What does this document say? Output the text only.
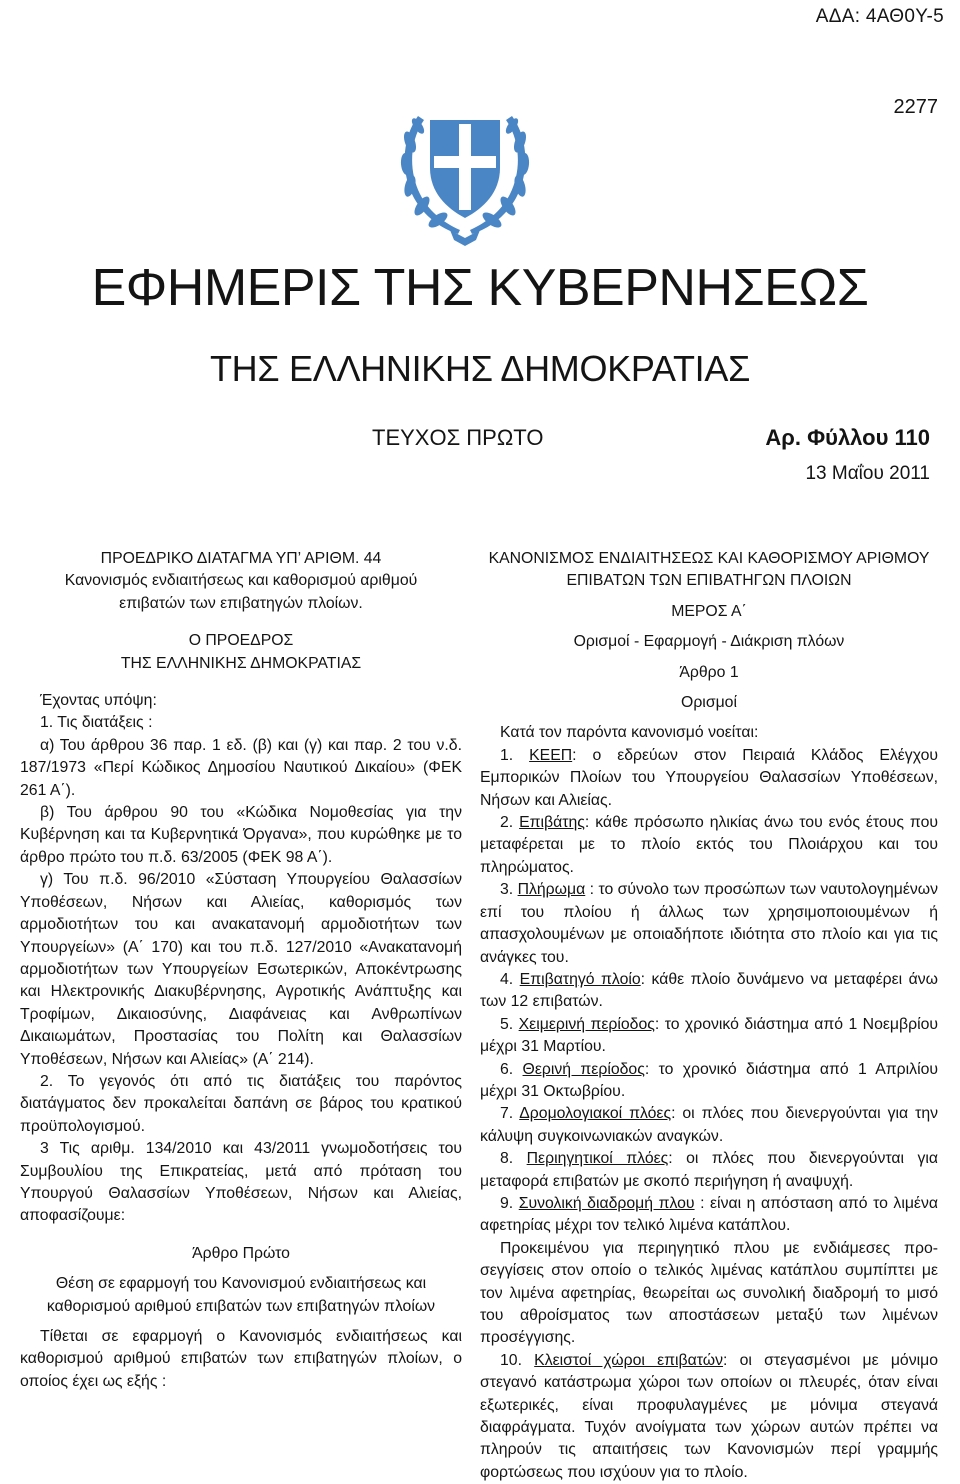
ΑΔΑ: 4ΑΘ0Υ-5
2277
ΕΦΗΜΕΡΙΣ ΤΗΣ ΚΥΒΕΡΝΗΣΕΩΣ
ΤΗΣ ΕΛΛΗΝΙΚΗΣ ΔΗΜΟΚΡΑΤΙΑΣ
ΤΕΥΧΟΣ ΠΡΩΤΟ	Αρ. Φύλλου 110
13 Μαΐου 2011

ΠΡΟΕΔΡΙΚΟ ΔΙΑΤΑΓΜΑ ΥΠ’ ΑΡΙΘΜ. 44

Κανονισμός ενδιαιτήσεως και καθορισμού αριθμού επιβατών των επιβατηγών πλοίων.

Ο ΠΡΟΕΔΡΟΣ

ΤΗΣ ΕΛΛΗΝΙΚΗΣ ΔΗΜΟΚΡΑΤΙΑΣ

Έχοντας υπόψη:

1. Τις διατάξεις :

α) Του άρθρου 36 παρ. 1 εδ. (β) και (γ) και παρ. 2 του ν.δ. 187/1973 «Περί Κώδικος Δημοσίου Ναυτικού Δικαίου» (ΦΕΚ 261 Α΄).

β) Του άρθρου 90 του «Κώδικα Νομοθεσίας για την Κυβέρνηση και τα Κυβερνητικά Όργανα», που κυρώθηκε με το άρθρο πρώτο του π.δ. 63/2005 (ΦΕΚ 98 Α΄).

γ) Του π.δ. 96/2010 «Σύσταση Υπουργείου Θαλασσίων Υποθέσεων, Νήσων και Αλιείας, καθορισμός των αρμοδιοτήτων του και ανακατανομή αρμοδιοτήτων των Υπουργείων» (Α΄ 170) και του π.δ. 127/2010 «Ανακατανομή αρμοδιοτήτων των Υπουργείων Εσωτερικών, Αποκέντρωσης και Ηλεκτρονικής Διακυβέρνησης, Αγροτικής Ανάπτυξης και Τροφίμων, Δικαιοσύνης, Διαφάνειας και Ανθρωπίνων Δικαιωμάτων, Προστασίας του Πολίτη και Θαλασσίων Υποθέσεων, Νήσων και Αλιείας» (Α΄ 214).

2. Το γεγονός ότι από τις διατάξεις του παρόντος διατάγματος δεν προκαλείται δαπάνη σε βάρος του κρατικού προϋπολογισμού.

3 Τις αριθμ. 134/2010 και 43/2011 γνωμοδοτήσεις του Συμβουλίου της Επικρατείας, μετά από πρόταση του Υπουργού Θαλασσίων Υποθέσεων, Νήσων και Αλιείας, αποφασίζουμε:

Άρθρο Πρώτο

Θέση σε εφαρμογή του Κανονισμού ενδιαιτήσεως και καθορισμού αριθμού επιβατών των επιβατηγών πλοίων

Τίθεται σε εφαρμογή ο Κανονισμός ενδιαιτήσεως και καθορισμού αριθμού επιβατών των επιβατηγών πλοίων, ο οποίος έχει ως εξής :

ΚΑΝΟΝΙΣΜΟΣ ΕΝΔΙΑΙΤΗΣΕΩΣ ΚΑΙ ΚΑΘΟΡΙΣΜΟΥ ΑΡΙΘΜΟΥ ΕΠΙΒΑΤΩΝ ΤΩΝ ΕΠΙΒΑΤΗΓΩΝ ΠΛΟΙΩΝ

ΜΕΡΟΣ Α΄

Ορισμοί - Εφαρμογή - Διάκριση πλόων

Άρθρο 1

Ορισμοί

Κατά τον παρόντα κανονισμό νοείται:

1. ΚΕΕΠ: ο εδρεύων στον Πειραιά Κλάδος Ελέγχου Εμπορικών Πλοίων του Υπουργείου Θαλασσίων Υποθέσεων, Νήσων και Αλιείας.

2. Επιβάτης: κάθε πρόσωπο ηλικίας άνω του ενός έτους που μεταφέρεται με το πλοίο εκτός του Πλοιάρχου και του πληρώματος.

3. Πλήρωμα : το σύνολο των προσώπων των ναυτολογημένων επί του πλοίου ή άλλως των χρησιμοποιουμένων ή απασχολουμένων με οποιαδήποτε ιδιότητα στο πλοίο και για τις ανάγκες του.

4. Επιβατηγό πλοίο: κάθε πλοίο δυνάμενο να μεταφέρει άνω των 12 επιβατών.

5. Χειμερινή περίοδος: το χρονικό διάστημα από 1 Νοεμβρίου μέχρι 31 Μαρτίου.

6. Θερινή περίοδος: το χρονικό διάστημα από 1 Απριλίου μέχρι 31 Οκτωβρίου.

7. Δρομολογιακοί πλόες: οι πλόες που διενεργούνται για την κάλυψη συγκοινωνιακών αναγκών.

8. Περιηγητικοί πλόες: οι πλόες που διενεργούνται για μεταφορά επιβατών με σκοπό περιήγηση ή αναψυχή.

9. Συνολική διαδρομή πλου : είναι η απόσταση από το λιμένα αφετηρίας μέχρι τον τελικό λιμένα κατάπλου.

Προκειμένου για περιηγητικό πλου με ενδιάμεσες προσεγγίσεις στον οποίο ο τελικός λιμένας κατάπλου συμπίπτει με τον λιμένα αφετηρίας, θεωρείται ως συνολική διαδρομή το μισό του αθροίσματος των αποστάσεων μεταξύ των λιμένων προσέγγισης.

10. Κλειστοί χώροι επιβατών: οι στεγασμένοι με μόνιμο στεγανό κατάστρωμα χώροι των οποίων οι πλευρές, όταν είναι εξωτερικές, είναι προφυλαγμένες με μόνιμα στεγανά διαφράγματα. Τυχόν ανοίγματα των χώρων αυτών πρέπει να πληρούν τις απαιτήσεις των Κανονισμών περί γραμμής φορτώσεως που ισχύουν για το πλοίο.
